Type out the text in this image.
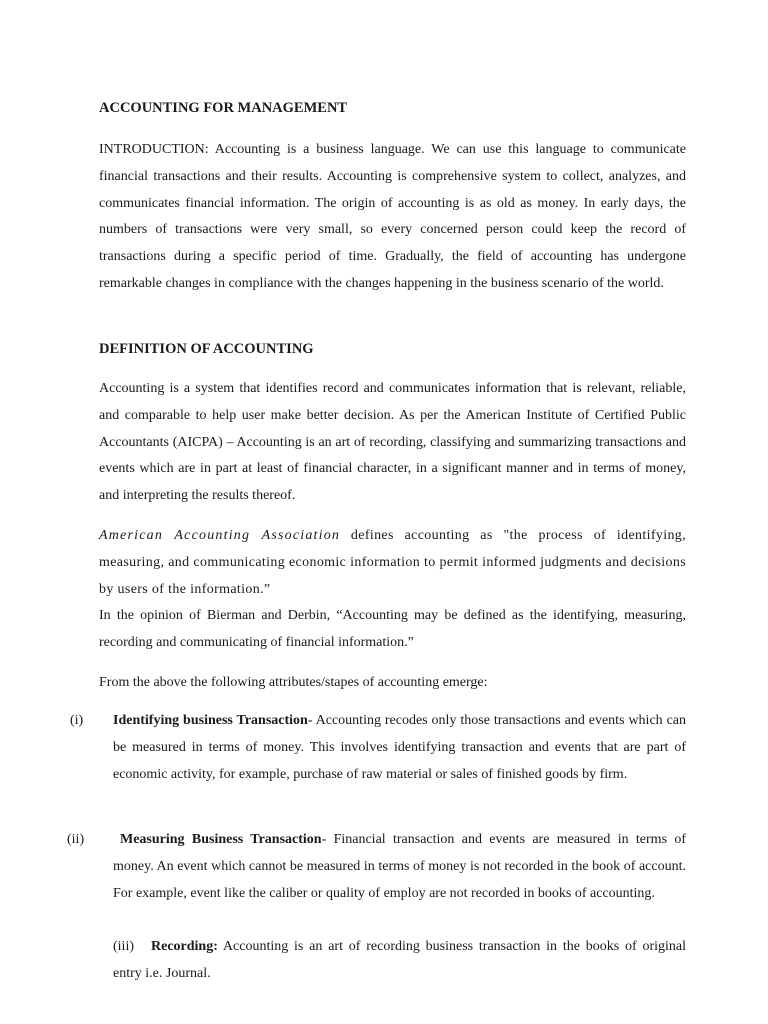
ACCOUNTING FOR MANAGEMENT

INTRODUCTION: Accounting is a business language. We can use this language to communicate financial transactions and their results. Accounting is comprehensive system to collect, analyzes, and communicates financial information. The origin of accounting is as old as money. In early days, the numbers of transactions were very small, so every concerned person could keep the record of transactions during a specific period of time. Gradually, the field of accounting has undergone remarkable changes in compliance with the changes happening in the business scenario of the world.

DEFINITION OF ACCOUNTING

Accounting is a system that identifies record and communicates information that is relevant, reliable, and comparable to help user make better decision. As per the American Institute of Certified Public Accountants (AICPA) – Accounting is an art of recording, classifying and summarizing transactions and events which are in part at least of financial character, in a significant manner and in terms of money, and interpreting the results thereof.

American Accounting Association defines accounting as "the process of identifying, measuring, and communicating economic information to permit informed judgments and decisions by users of the information.”

In the opinion of Bierman and Derbin, “Accounting may be defined as the identifying, measuring, recording and communicating of financial information.”

From the above the following attributes/stapes of accounting emerge:

(i) Identifying business Transaction- Accounting recodes only those transactions and events which can be measured in terms of money. This involves identifying transaction and events that are part of economic activity, for example, purchase of raw material or sales of finished goods by firm.

(ii)	Measuring Business Transaction- Financial transaction and events are measured in terms of money. An event which cannot be measured in terms of money is not recorded in the book of account. For example, event like the caliber or quality of employ are not recorded in books of accounting.

(iii) Recording: Accounting is an art of recording business transaction in the books of original entry i.e. Journal.
